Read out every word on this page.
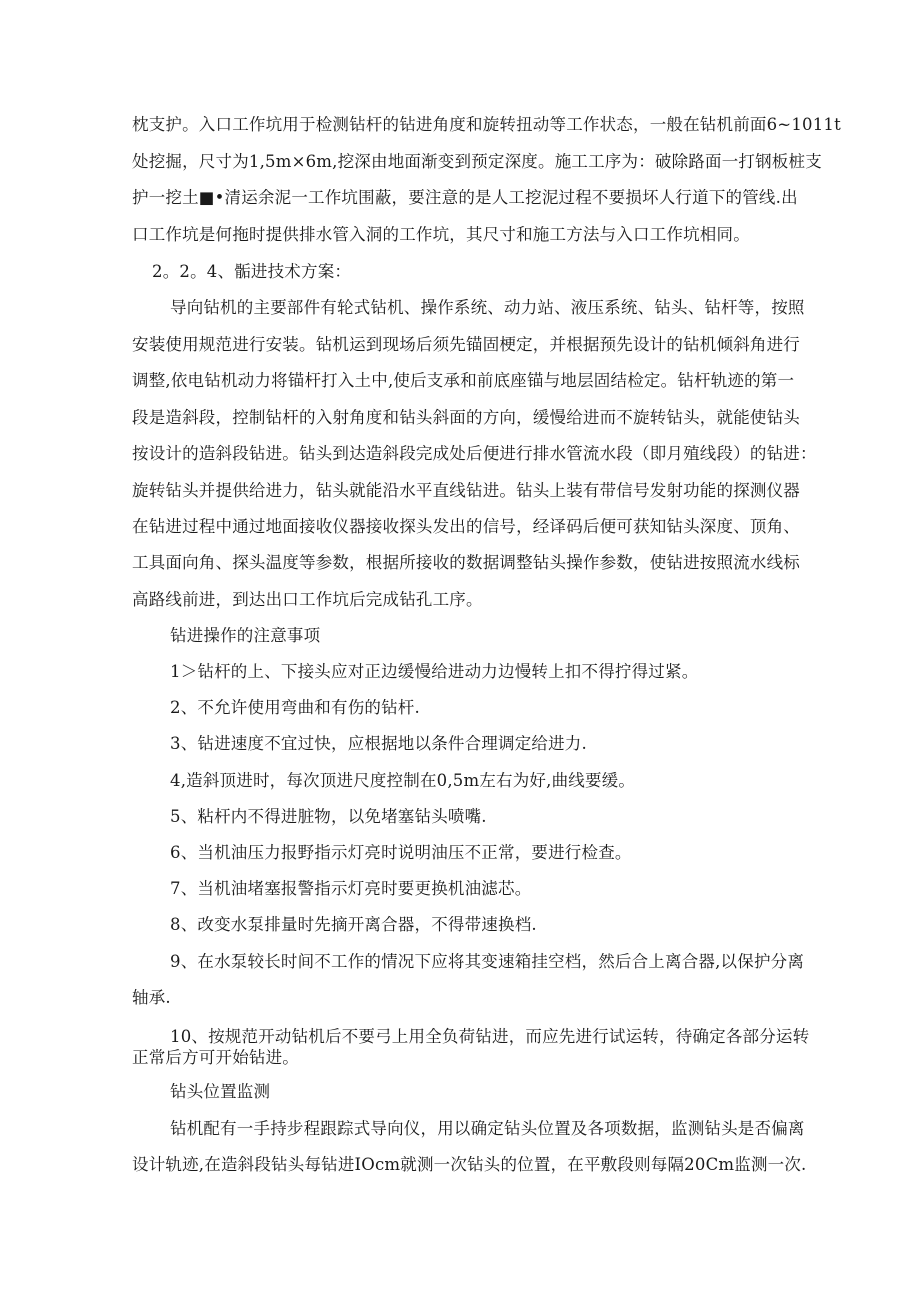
枕支护。入口工作坑用于检测钻杆的钻进角度和旋转扭动等工作状态，一般在钻机前面6~1011t
处挖掘，尺寸为1,5m×6m,挖深由地面渐变到预定深度。施工工序为：破除路面一打钢板桩支
护一挖土■•清运余泥一工作坑围蔽，要注意的是人工挖泥过程不要损坏人行道下的管线.出
口工作坑是何拖时提供排水管入洞的工作坑，其尺寸和施工方法与入口工作坑相同。
2。2。4、骺进技术方案：
导向钻机的主要部件有轮式钻机、操作系统、动力站、液压系统、钻头、钻杆等，按照
安装使用规范进行安装。钻机运到现场后须先锚固梗定，并根据预先设计的钻机倾斜角进行
调整,依电钻机动力将锚杆打入土中,使后支承和前底座锚与地层固结检定。钻杆轨迹的第一
段是造斜段，控制钻杆的入射角度和钻头斜面的方向，缓慢给进而不旋转钻头，就能使钻头
按设计的造斜段钻进。钻头到达造斜段完成处后便进行排水管流水段（即月殖线段）的钻进：
旋转钻头并提供给进力，钻头就能沿水平直线钻进。钻头上装有带信号发射功能的探测仪器
在钻进过程中通过地面接收仪器接收探头发出的信号，经译码后便可获知钻头深度、顶角、
工具面向角、探头温度等参数，根据所接收的数据调整钻头操作参数，使钻进按照流水线标
高路线前进，到达出口工作坑后完成钻孔工序。
钻进操作的注意事项
1＞钻杆的上、下接头应对正边缓慢给进动力边慢转上扣不得拧得过紧。
2、不允许使用弯曲和有伤的钻杆.
3、钻进速度不宜过快，应根据地以条件合理调定给进力.
4,造斜顶进时，每次顶进尺度控制在0,5m左右为好,曲线要缓。
5、粘杆内不得进脏物，以免堵塞钻头喷嘴.
6、当机油压力报野指示灯亮时说明油压不正常，要进行检查。
7、当机油堵塞报警指示灯亮时要更换机油滤芯。
8、改变水泵排量时先摘开离合器，不得带速换档.
9、在水泵较长时间不工作的情况下应将其变速箱挂空档，然后合上离合器,以保护分离
轴承.
10、按规范开动钻机后不要弓上用全负荷钻进，而应先进行试运转，待确定各部分运转
正常后方可开始钻进。
钻头位置监测
钻机配有一手持步程跟踪式导向仪，用以确定钻头位置及各项数据，监测钻头是否偏离
设计轨迹,在造斜段钻头每钻进IOcm就测一次钻头的位置，在平敷段则每隔20Cm监测一次.
